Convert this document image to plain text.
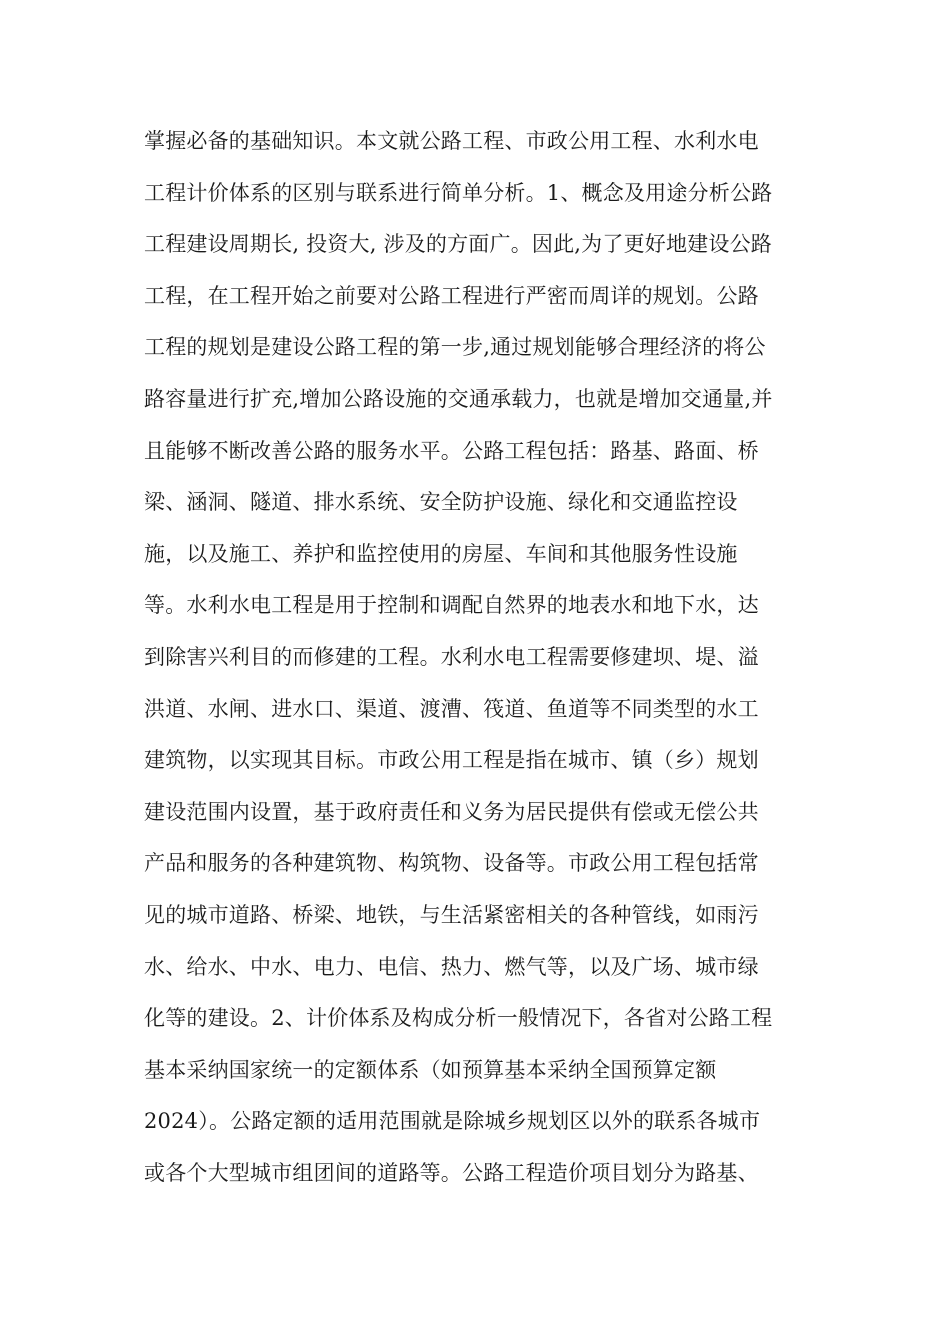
掌握必备的基础知识。本文就公路工程、市政公用工程、水利水电
工程计价体系的区别与联系进行简单分析。1、概念及用途分析公路
工程建设周期长, 投资大, 涉及的方面广。因此,为了更好地建设公路
工程，在工程开始之前要对公路工程进行严密而周详的规划。公路
工程的规划是建设公路工程的第一步,通过规划能够合理经济的将公
路容量进行扩充,增加公路设施的交通承载力，也就是增加交通量,并
且能够不断改善公路的服务水平。公路工程包括：路基、路面、桥
梁、涵洞、隧道、排水系统、安全防护设施、绿化和交通监控设
施，以及施工、养护和监控使用的房屋、车间和其他服务性设施
等。水利水电工程是用于控制和调配自然界的地表水和地下水，达
到除害兴利目的而修建的工程。水利水电工程需要修建坝、堤、溢
洪道、水闸、进水口、渠道、渡漕、筏道、鱼道等不同类型的水工
建筑物，以实现其目标。市政公用工程是指在城市、镇（乡）规划
建设范围内设置，基于政府责任和义务为居民提供有偿或无偿公共
产品和服务的各种建筑物、构筑物、设备等。市政公用工程包括常
见的城市道路、桥梁、地铁，与生活紧密相关的各种管线，如雨污
水、给水、中水、电力、电信、热力、燃气等，以及广场、城市绿
化等的建设。2、计价体系及构成分析一般情况下，各省对公路工程
基本采纳国家统一的定额体系（如预算基本采纳全国预算定额
2024）。公路定额的适用范围就是除城乡规划区以外的联系各城市
或各个大型城市组团间的道路等。公路工程造价项目划分为路基、
